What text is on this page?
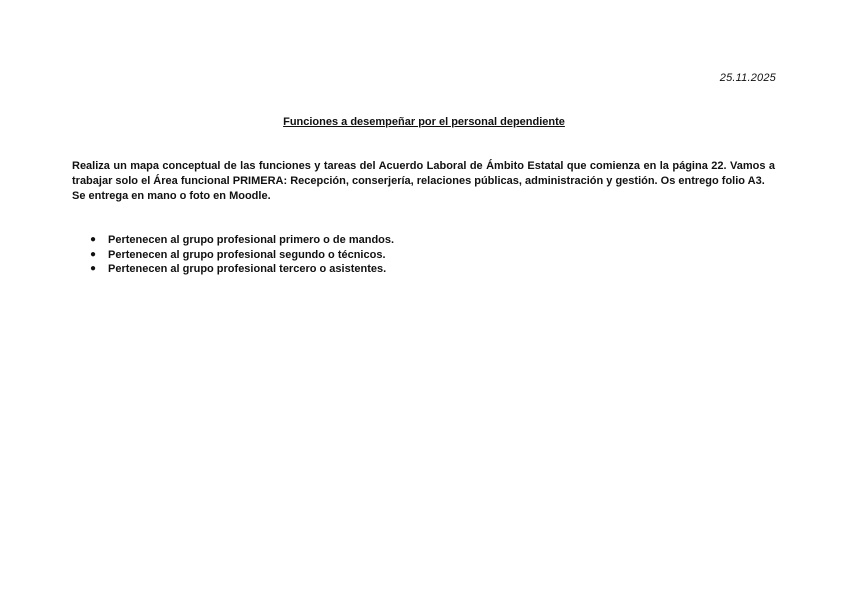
25.11.2025
Funciones a desempeñar por el personal dependiente

Realiza un mapa conceptual de las funciones y tareas del Acuerdo Laboral de Ámbito Estatal que comienza en la página 22. Vamos a trabajar solo el Área funcional PRIMERA: Recepción, conserjería, relaciones públicas, administración y gestión. Os entrego folio A3.

Se entrega en mano o foto en Moodle.

● Pertenecen al grupo profesional primero o de mandos.
● Pertenecen al grupo profesional segundo o técnicos.
● Pertenecen al grupo profesional tercero o asistentes.
